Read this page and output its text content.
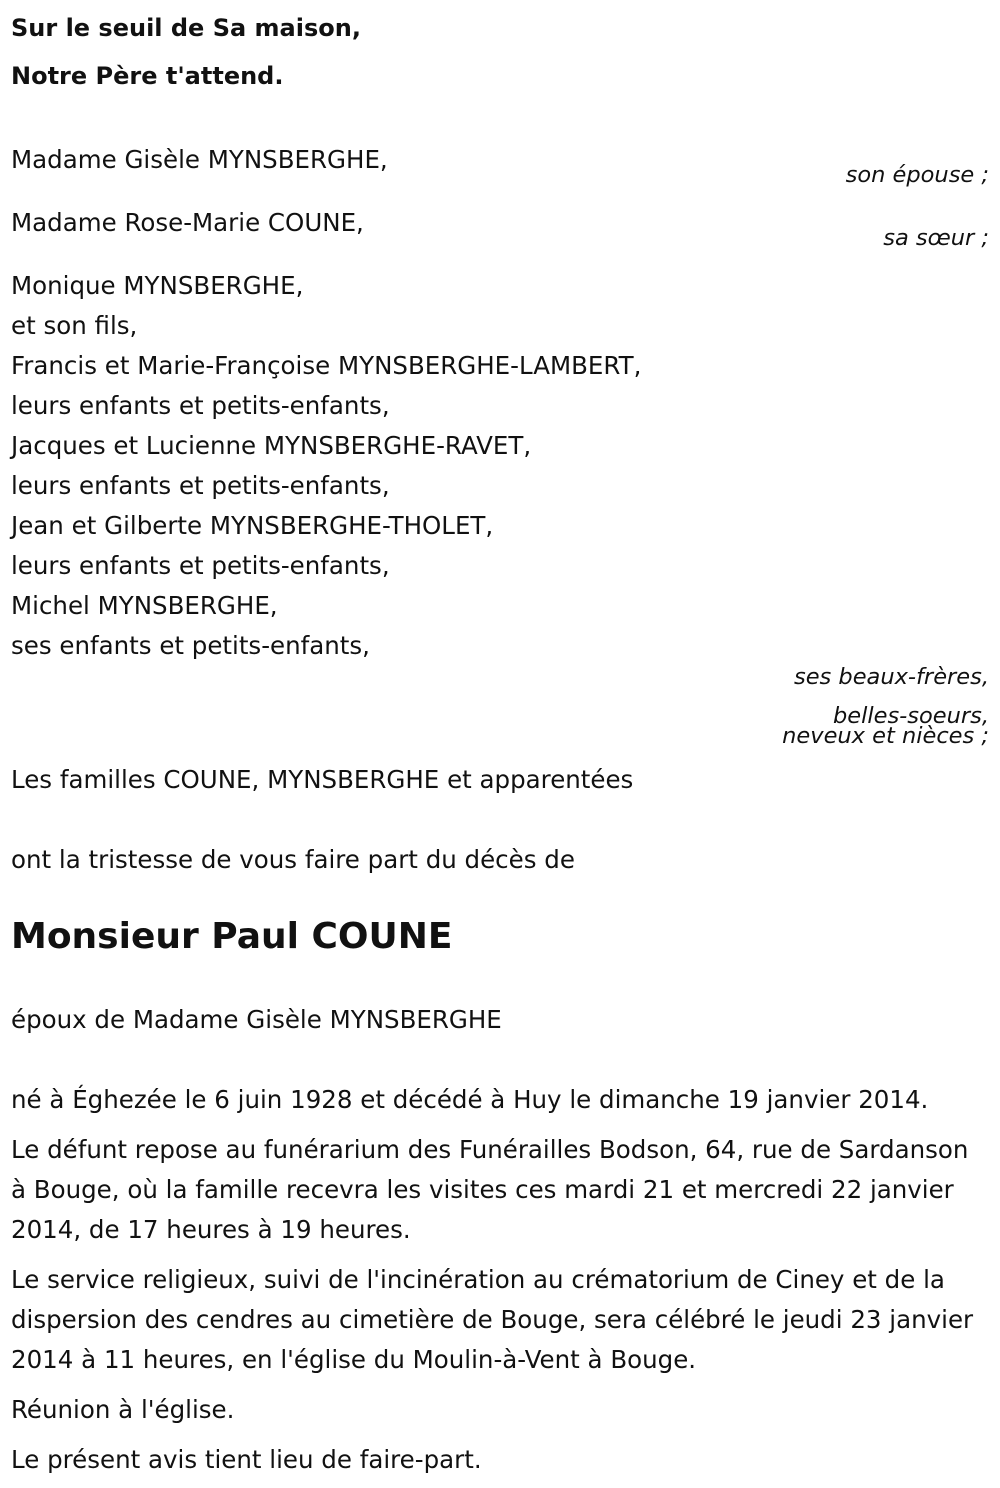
Sur le seuil de Sa maison,
Notre Père t'attend.
Madame Gisèle MYNSBERGHE,
son épouse ;
Madame Rose-Marie COUNE,
sa sœur ;
Monique MYNSBERGHE,
et son fils,
Francis et Marie-Françoise MYNSBERGHE-LAMBERT,
leurs enfants et petits-enfants,
Jacques et Lucienne MYNSBERGHE-RAVET,
leurs enfants et petits-enfants,
Jean et Gilberte MYNSBERGHE-THOLET,
leurs enfants et petits-enfants,
Michel MYNSBERGHE,
ses enfants et petits-enfants,
ses beaux-frères,
belles-soeurs,
neveux et nièces ;
Les familles COUNE, MYNSBERGHE et apparentées
ont la tristesse de vous faire part du décès de
Monsieur Paul COUNE
époux de Madame Gisèle MYNSBERGHE
né à Éghezée le 6 juin 1928 et décédé à Huy le dimanche 19 janvier 2014.
Le défunt repose au funérarium des Funérailles Bodson, 64, rue de Sardanson à Bouge, où la famille recevra les visites ces mardi 21 et mercredi 22 janvier 2014, de 17 heures à 19 heures.
Le service religieux, suivi de l'incinération au crématorium de Ciney et de la dispersion des cendres au cimetière de Bouge, sera célébré le jeudi 23 janvier 2014 à 11 heures, en l'église du Moulin-à-Vent à Bouge.
Réunion à l'église.
Le présent avis tient lieu de faire-part.
